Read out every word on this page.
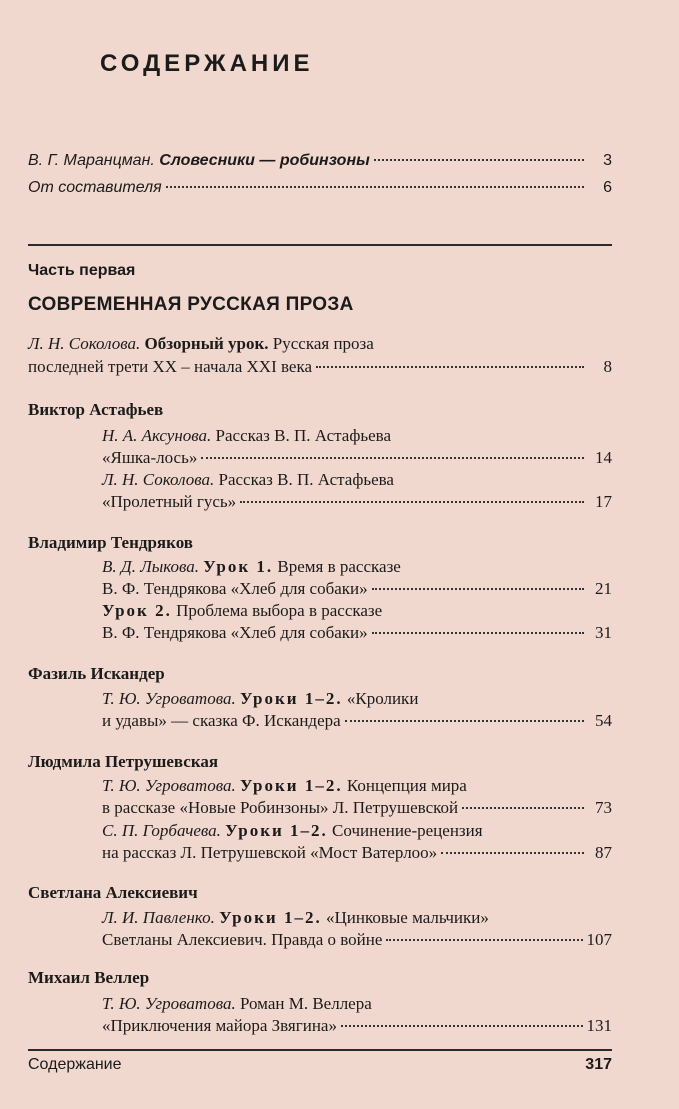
СОДЕРЖАНИЕ
В. Г. Маранцман. Словесники — робинзоны	3
От составителя	6
Часть первая
СОВРЕМЕННАЯ РУССКАЯ ПРОЗА
Л. Н. Соколова. Обзорный урок. Русская проза
последней трети XX – начала XXI века	8
Виктор Астафьев
Н. А. Аксунова. Рассказ В. П. Астафьева
«Яшка-лось»	14
Л. Н. Соколова. Рассказ В. П. Астафьева
«Пролетный гусь»	17
Владимир Тендряков
В. Д. Лыкова. Урок 1. Время в рассказе
В. Ф. Тендрякова «Хлеб для собаки»	21
Урок 2. Проблема выбора в рассказе
В. Ф. Тендрякова «Хлеб для собаки»	31
Фазиль Искандер
Т. Ю. Угроватова. Уроки 1–2. «Кролики
и удавы» — сказка Ф. Искандера	54
Людмила Петрушевская
Т. Ю. Угроватова. Уроки 1–2. Концепция мира
в рассказе «Новые Робинзоны» Л. Петрушевской	73
С. П. Горбачева. Уроки 1–2. Сочинение-рецензия
на рассказ Л. Петрушевской «Мост Ватерлоо»	87
Светлана Алексиевич
Л. И. Павленко. Уроки 1–2. «Цинковые мальчики»
Светланы Алексиевич. Правда о войне	107
Михаил Веллер
Т. Ю. Угроватова. Роман М. Веллера
«Приключения майора Звягина»	131
Содержание	317
